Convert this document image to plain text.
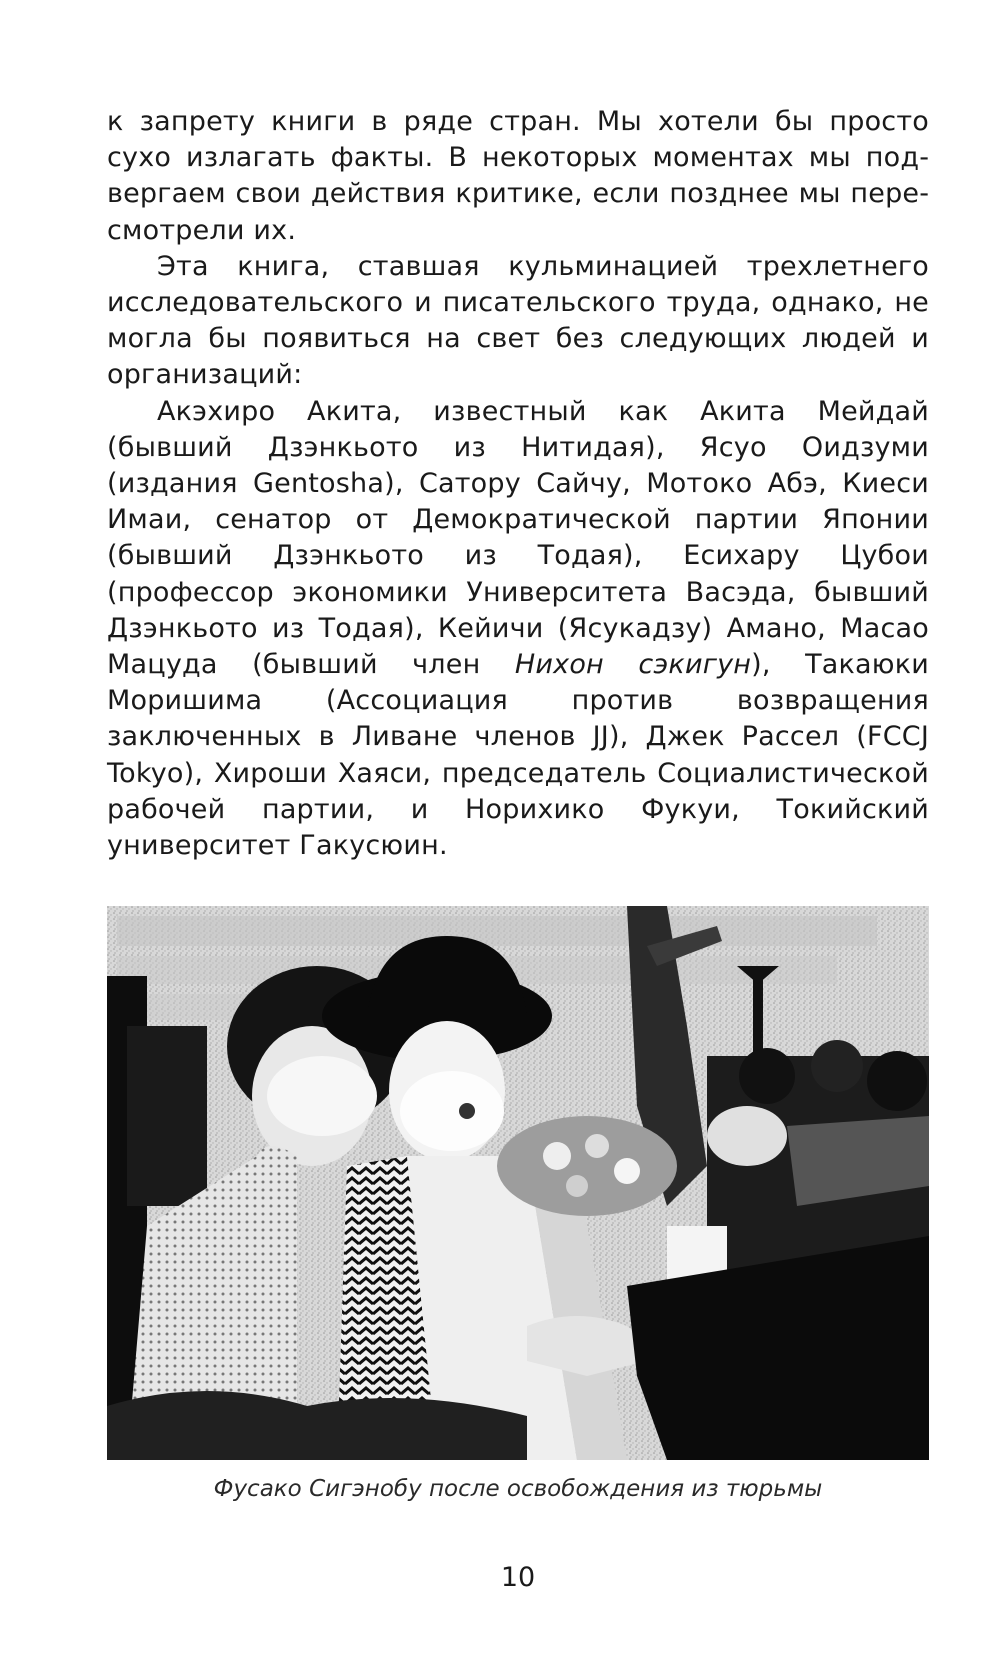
к запрету книги в ряде стран. Мы хотели бы просто сухо излагать факты. В некоторых моментах мы подвергаем свои действия критике, если позднее мы пересмотрели их.

Эта книга, ставшая кульминацией трехлетнего исследовательского и писательского труда, однако, не могла бы появиться на свет без следующих людей и организаций:

Акэхиро Акита, известный как Акита Мейдай (бывший Дзэнкьото из Нитидая), Ясуо Оидзуми (издания Gentosha), Сатору Сайчу, Мотоко Абэ, Киеси Имаи, сенатор от Демократической партии Японии (бывший Дзэнкьото из Тодая), Есихару Цубои (профессор экономики Университета Васэда, бывший Дзэнкьото из Тодая), Кейичи (Ясукадзу) Амано, Масао Мацуда (бывший член Нихон сэкигун), Такаюки Моришима (Ассоциация против возвращения заключенных в Ливане членов JJ), Джек Рассел (FCCJ Tokyo), Хироши Хаяси, председатель Социалистической рабочей партии, и Норихико Фукуи, Токийский университет Гакусюин.

Фусако Сигэнобу после освобождения из тюрьмы
10
